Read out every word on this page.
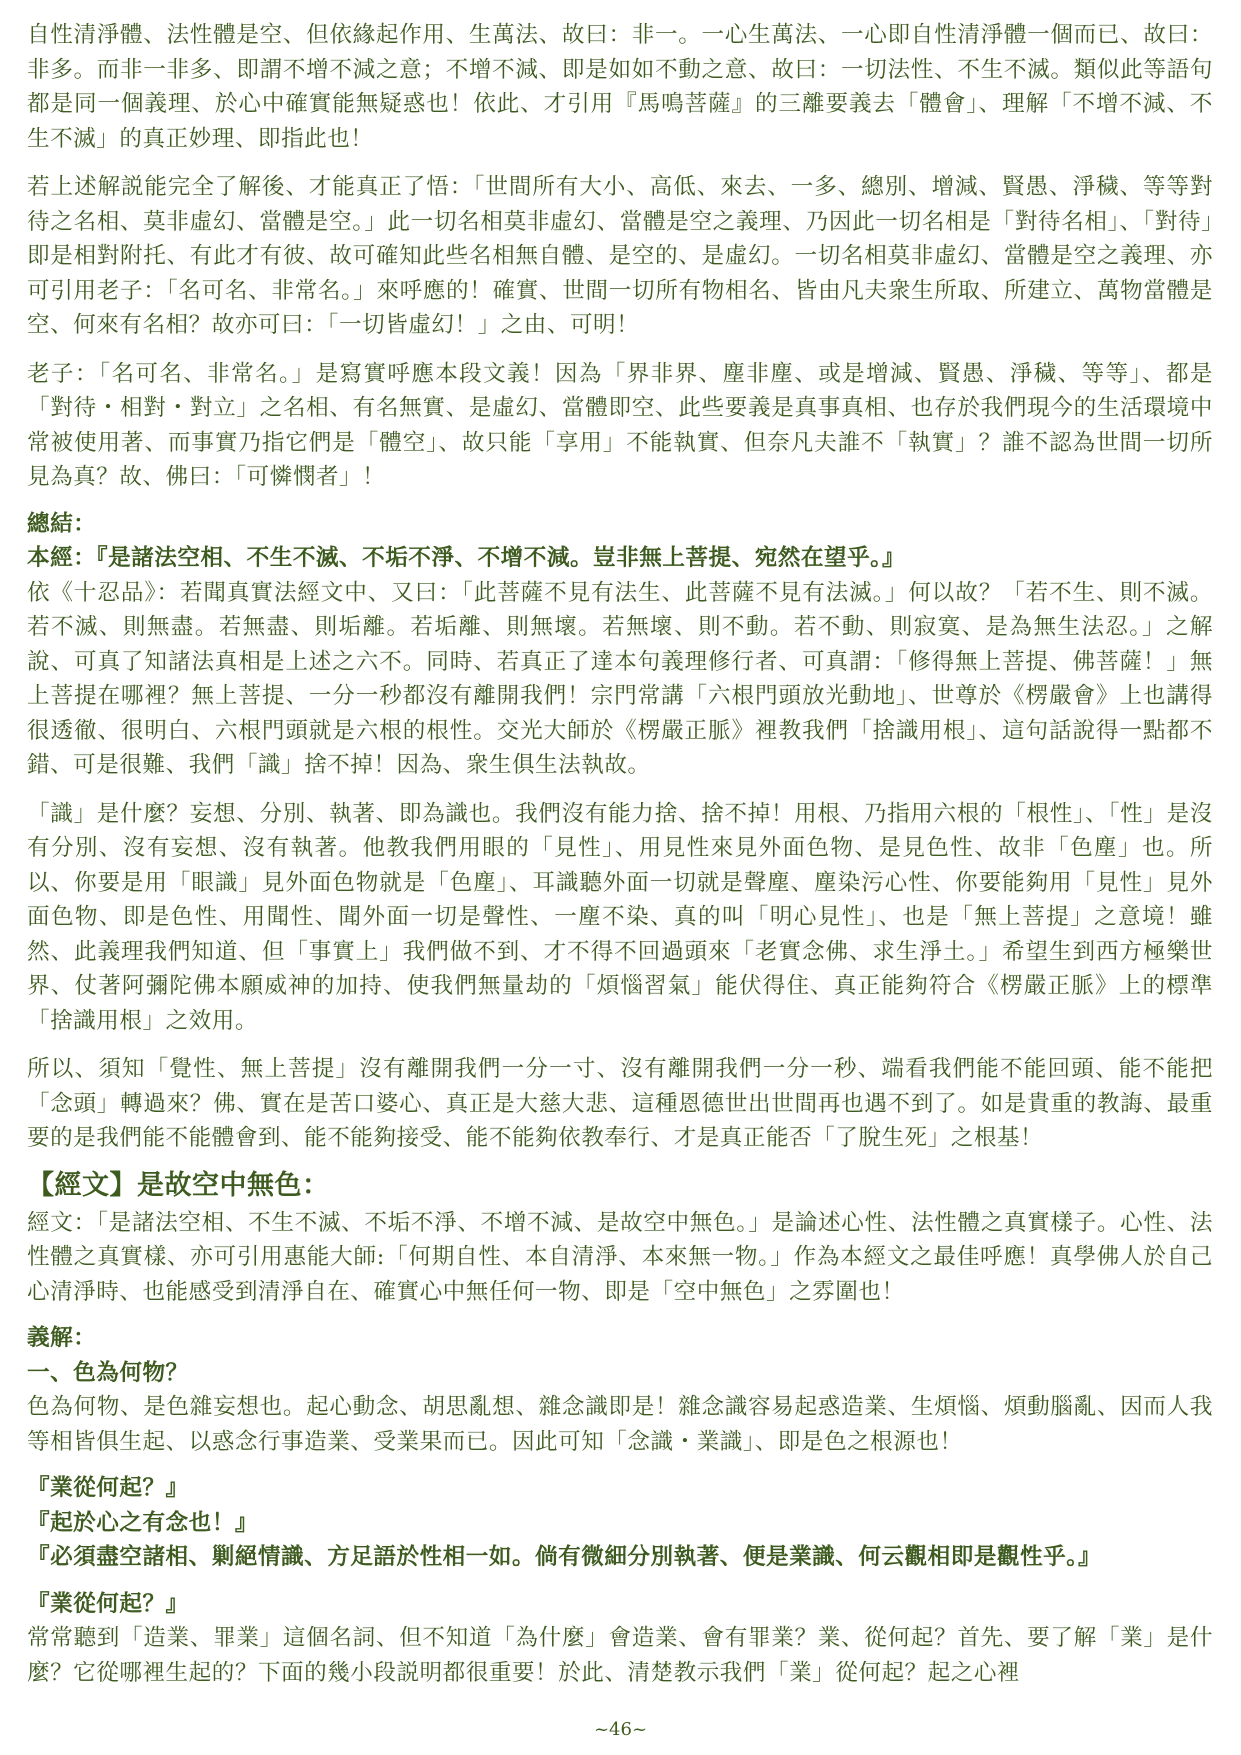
自性清淨體、法性體是空、但依緣起作用、生萬法、故曰：非一。一心生萬法、一心即自性清淨體一個而已、故曰：非多。而非一非多、即謂不增不減之意；不增不減、即是如如不動之意、故曰：一切法性、不生不滅。類似此等語句都是同一個義理、於心中確實能無疑惑也！依此、才引用『馬鳴菩薩』的三離要義去「體會」、理解「不增不減、不生不滅」的真正妙理、即指此也！

若上述解説能完全了解後、才能真正了悟：「世間所有大小、高低、來去、一多、總別、增減、賢愚、淨穢、等等對待之名相、莫非虛幻、當體是空。」此一切名相莫非虛幻、當體是空之義理、乃因此一切名相是「對待名相」、「對待」即是相對附托、有此才有彼、故可確知此些名相無自體、是空的、是虛幻。一切名相莫非虛幻、當體是空之義理、亦可引用老子：「名可名、非常名。」來呼應的！確實、世間一切所有物相名、皆由凡夫衆生所取、所建立、萬物當體是空、何來有名相？故亦可曰：「一切皆虛幻！」之由、可明！

老子：「名可名、非常名。」是寫實呼應本段文義！因為「界非界、塵非塵、或是增減、賢愚、淨穢、等等」、都是「對待・相對・對立」之名相、有名無實、是虛幻、當體即空、此些要義是真事真相、也存於我們現今的生活環境中常被使用著、而事實乃指它們是「體空」、故只能「享用」不能執實、但奈凡夫誰不「執實」？誰不認為世間一切所見為真？故、佛曰：「可憐憫者」！

總結：

本經：『是諸法空相、不生不滅、不垢不淨、不增不減。豈非無上菩提、宛然在望乎。』

依《十忍品》：若聞真實法經文中、又曰：「此菩薩不見有法生、此菩薩不見有法滅。」何以故？「若不生、則不滅。若不滅、則無盡。若無盡、則垢離。若垢離、則無壞。若無壞、則不動。若不動、則寂寞、是為無生法忍。」之解說、可真了知諸法真相是上述之六不。同時、若真正了達本句義理修行者、可真謂：「修得無上菩提、佛菩薩！」無上菩提在哪裡？無上菩提、一分一秒都沒有離開我們！宗門常講「六根門頭放光動地」、世尊於《楞嚴會》上也講得很透徹、很明白、六根門頭就是六根的根性。交光大師於《楞嚴正脈》裡教我們「捨識用根」、這句話說得一點都不錯、可是很難、我們「識」捨不掉！因為、衆生俱生法執故。

「識」是什麼？妄想、分別、執著、即為識也。我們沒有能力捨、捨不掉！用根、乃指用六根的「根性」、「性」是沒有分別、沒有妄想、沒有執著。他教我們用眼的「見性」、用見性來見外面色物、是見色性、故非「色塵」也。所以、你要是用「眼識」見外面色物就是「色塵」、耳識聽外面一切就是聲塵、塵染污心性、你要能夠用「見性」見外面色物、即是色性、用聞性、聞外面一切是聲性、一塵不染、真的叫「明心見性」、也是「無上菩提」之意境！雖然、此義理我們知道、但「事實上」我們做不到、才不得不回過頭來「老實念佛、求生淨土。」希望生到西方極樂世界、仗著阿彌陀佛本願威神的加持、使我們無量劫的「煩惱習氣」能伏得住、真正能夠符合《楞嚴正脈》上的標準「捨識用根」之效用。

所以、須知「覺性、無上菩提」沒有離開我們一分一寸、沒有離開我們一分一秒、端看我們能不能回頭、能不能把「念頭」轉過來？佛、實在是苦口婆心、真正是大慈大悲、這種恩德世出世間再也遇不到了。如是貴重的教誨、最重要的是我們能不能體會到、能不能夠接受、能不能夠依教奉行、才是真正能否「了脫生死」之根基！

【經文】是故空中無色：

經文：「是諸法空相、不生不滅、不垢不淨、不增不減、是故空中無色。」是論述心性、法性體之真實樣子。心性、法性體之真實樣、亦可引用惠能大師:「何期自性、本自清淨、本來無一物。」作為本經文之最佳呼應！真學佛人於自己心清淨時、也能感受到清淨自在、確實心中無任何一物、即是「空中無色」之雰圍也！

義解：

一、色為何物？

色為何物、是色雜妄想也。起心動念、胡思亂想、雜念識即是！雜念識容易起惑造業、生煩惱、煩動腦亂、因而人我等相皆俱生起、以惑念行事造業、受業果而已。因此可知「念識・業識」、即是色之根源也！

『業從何起？』

『起於心之有念也！』

『必須盡空諸相、剿絕情識、方足語於性相一如。倘有微細分別執著、便是業識、何云觀相即是觀性乎。』

『業從何起？』

常常聽到「造業、罪業」這個名詞、但不知道「為什麼」會造業、會有罪業？業、從何起？首先、要了解「業」是什麼？它從哪裡生起的？下面的幾小段説明都很重要！於此、清楚教示我們「業」從何起？起之心裡

~46~
